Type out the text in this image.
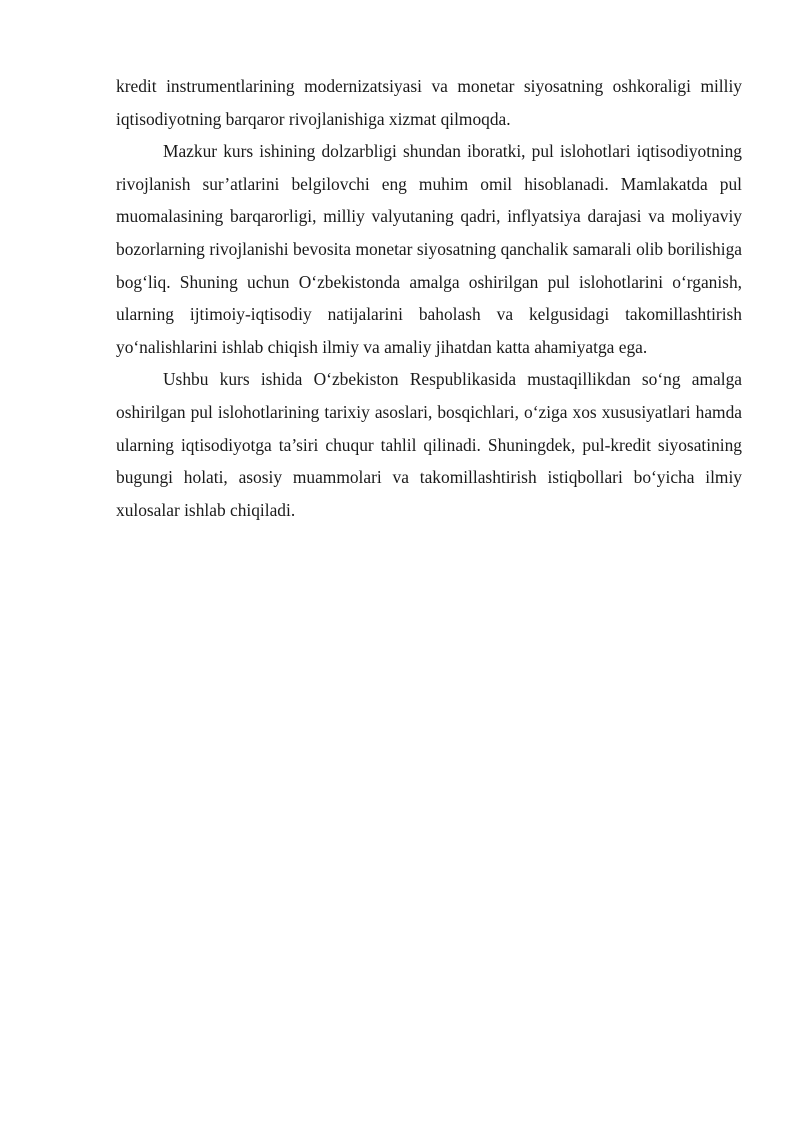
kredit instrumentlarining modernizatsiyasi va monetar siyosatning oshkoraligi milliy iqtisodiyotning barqaror rivojlanishiga xizmat qilmoqda.

Mazkur kurs ishining dolzarbligi shundan iboratki, pul islohotlari iqtisodiyotning rivojlanish sur’atlarini belgilovchi eng muhim omil hisoblanadi. Mamlakatda pul muomalasining barqarorligi, milliy valyutaning qadri, inflyatsiya darajasi va moliyaviy bozorlarning rivojlanishi bevosita monetar siyosatning qanchalik samarali olib borilishiga bog‘liq. Shuning uchun O‘zbekistonda amalga oshirilgan pul islohotlarini o‘rganish, ularning ijtimoiy-iqtisodiy natijalarini baholash va kelgusidagi takomillashtirish yo‘nalishlarini ishlab chiqish ilmiy va amaliy jihatdan katta ahamiyatga ega.

Ushbu kurs ishida O‘zbekiston Respublikasida mustaqillikdan so‘ng amalga oshirilgan pul islohotlarining tarixiy asoslari, bosqichlari, o‘ziga xos xususiyatlari hamda ularning iqtisodiyotga ta’siri chuqur tahlil qilinadi. Shuningdek, pul-kredit siyosatining bugungi holati, asosiy muammolari va takomillashtirish istiqbollari bo‘yicha ilmiy xulosalar ishlab chiqiladi.
